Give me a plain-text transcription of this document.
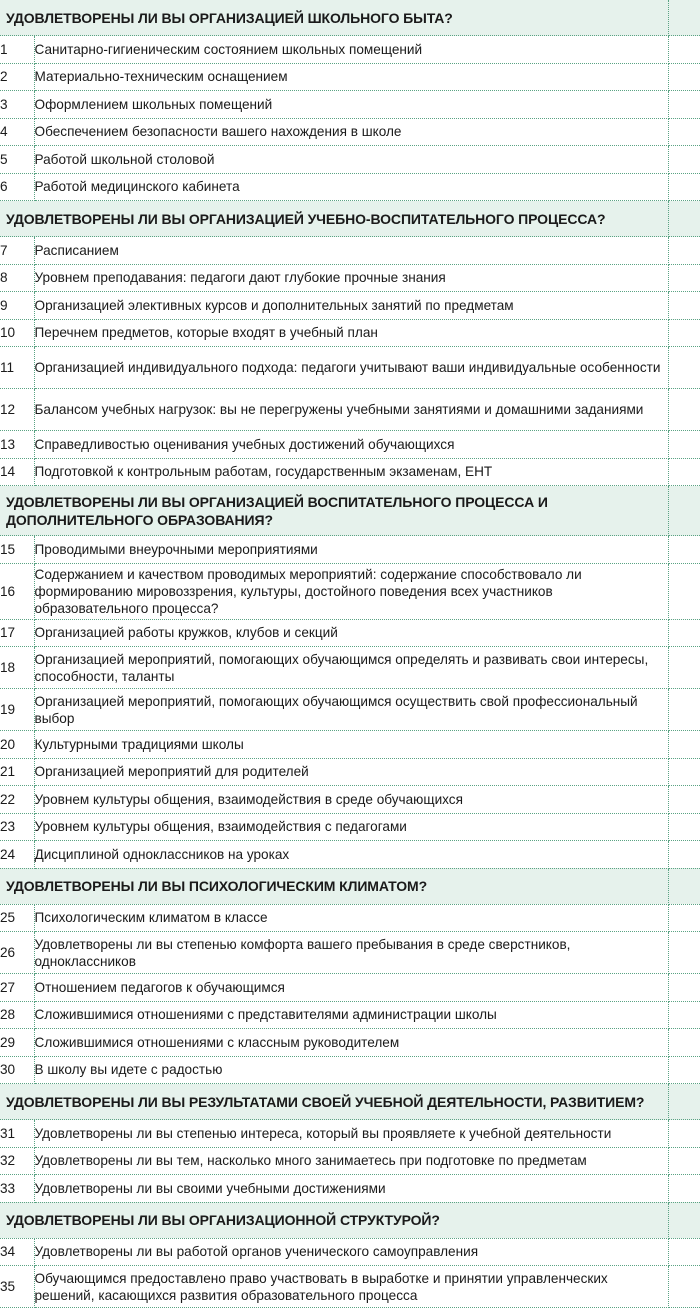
УДОВЛЕТВОРЕНЫ ЛИ ВЫ ОРГАНИЗАЦИЕЙ ШКОЛЬНОГО БЫТА?		
1	Санитарно-гигиеническим состоянием школьных помещений	
2	Материально-техническим оснащением	
3	Оформлением школьных помещений	
4	Обеспечением безопасности вашего нахождения в школе	
5	Работой школьной столовой	
6	Работой медицинского кабинета	
УДОВЛЕТВОРЕНЫ ЛИ ВЫ ОРГАНИЗАЦИЕЙ УЧЕБНО-ВОСПИТАТЕЛЬНОГО ПРОЦЕССА?		
7	Расписанием	
8	Уровнем преподавания: педагоги дают глубокие прочные знания	
9	Организацией элективных курсов и дополнительных занятий по предметам	
10	Перечнем предметов, которые входят в учебный план	
11	Организацией индивидуального подхода: педагоги учитывают ваши индивидуальные особенности	
12	Балансом учебных нагрузок: вы не перегружены учебными занятиями и домашними заданиями	
13	Справедливостью оценивания учебных достижений обучающихся	
14	Подготовкой к контрольным работам, государственным экзаменам, ЕНТ	
УДОВЛЕТВОРЕНЫ ЛИ ВЫ ОРГАНИЗАЦИЕЙ ВОСПИТАТЕЛЬНОГО ПРОЦЕССА И ДОПОЛНИТЕЛЬНОГО ОБРАЗОВАНИЯ?		
15	Проводимыми внеурочными мероприятиями	
16	Содержанием и качеством проводимых мероприятий: содержание способствовало ли формированию мировоззрения, культуры, достойного поведения всех участников образовательного процесса?	
17	Организацией работы кружков, клубов и секций	
18	Организацией мероприятий, помогающих обучающимся определять и развивать свои интересы, способности, таланты	
19	Организацией мероприятий, помогающих обучающимся осуществить свой профессиональный выбор	
20	Культурными традициями школы	
21	Организацией мероприятий для родителей	
22	Уровнем культуры общения, взаимодействия в среде обучающихся	
23	Уровнем культуры общения, взаимодействия с педагогами	
24	Дисциплиной одноклассников на уроках	
УДОВЛЕТВОРЕНЫ ЛИ ВЫ ПСИХОЛОГИЧЕСКИМ КЛИМАТОМ?		
25	Психологическим климатом в классе	
26	Удовлетворены ли вы степенью комфорта вашего пребывания в среде сверстников, одноклассников	
27	Отношением педагогов к обучающимся	
28	Сложившимися отношениями с представителями администрации школы	
29	Сложившимися отношениями с классным руководителем	
30	В школу вы идете с радостью	
УДОВЛЕТВОРЕНЫ ЛИ ВЫ РЕЗУЛЬТАТАМИ СВОЕЙ УЧЕБНОЙ ДЕЯТЕЛЬНОСТИ, РАЗВИТИЕМ?		
31	Удовлетворены ли вы степенью интереса, который вы проявляете к учебной деятельности	
32	Удовлетворены ли вы тем, насколько много занимаетесь при подготовке по предметам	
33	Удовлетворены ли вы своими учебными достижениями	
УДОВЛЕТВОРЕНЫ ЛИ ВЫ ОРГАНИЗАЦИОННОЙ СТРУКТУРОЙ?		
34	Удовлетворены ли вы работой органов ученического самоуправления	
35	Обучающимся предоставлено право участвовать в выработке и принятии управленческих решений, касающихся развития образовательного процесса	
